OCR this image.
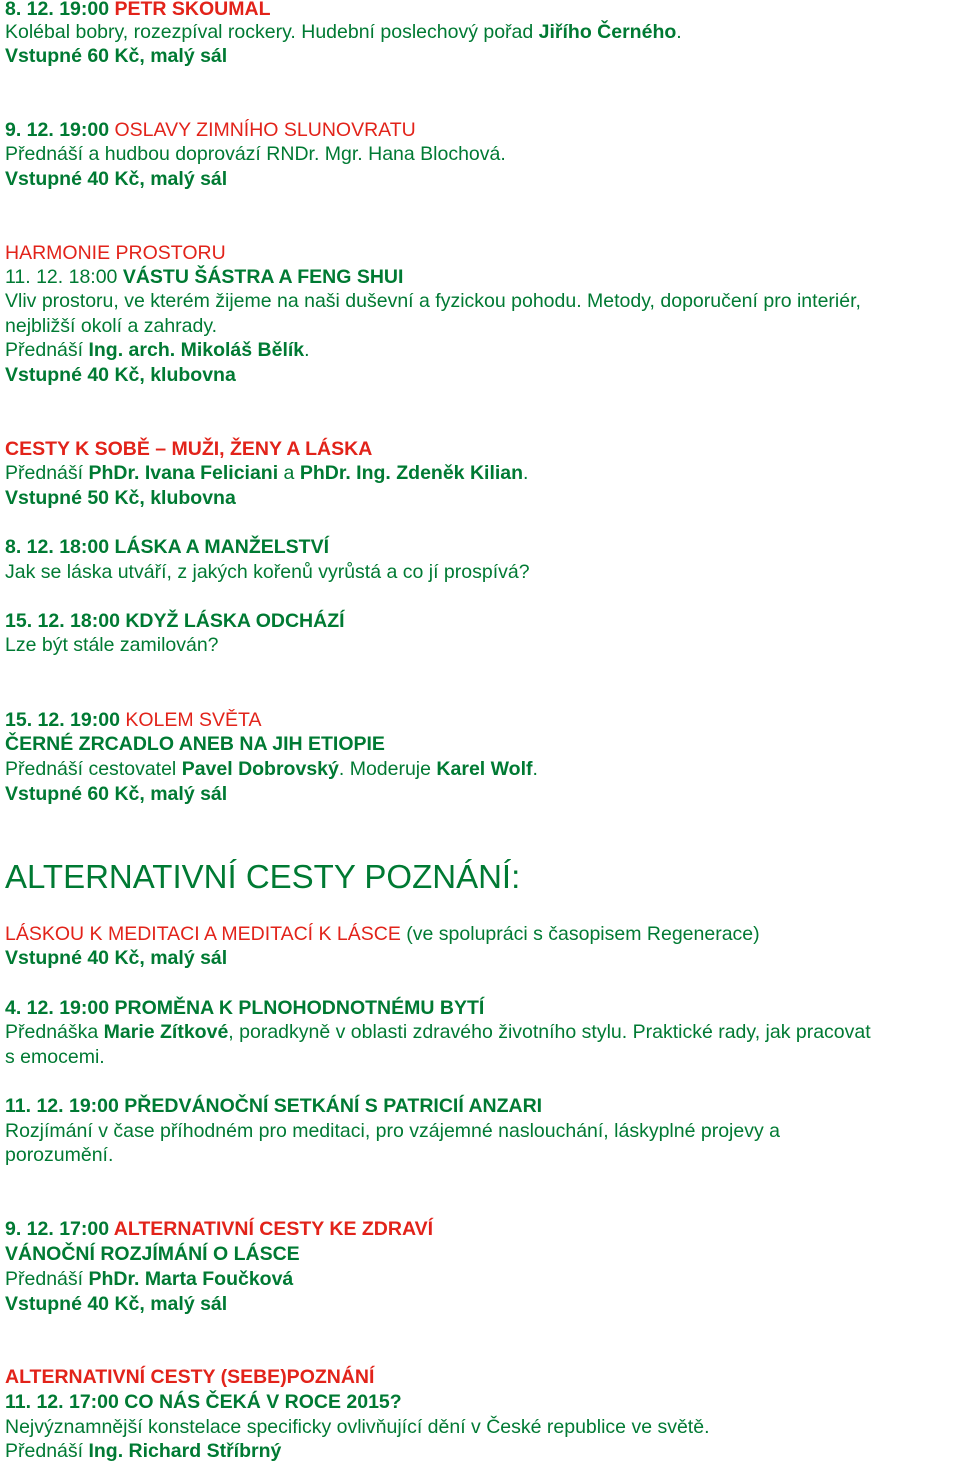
8. 12. 19:00 PETR SKOUMAL
Kolébal bobry, rozezpíval rockery. Hudební poslechový pořad Jiřího Černého.
Vstupné 60 Kč, malý sál
9. 12. 19:00 OSLAVY ZIMNÍHO SLUNOVRATU
Přednáší a hudbou doprovází RNDr. Mgr. Hana Blochová.
Vstupné 40 Kč, malý sál
HARMONIE PROSTORU
11. 12. 18:00 VÁSTU ŠÁSTRA A FENG SHUI
Vliv prostoru, ve kterém žijeme na naši duševní a fyzickou pohodu. Metody, doporučení pro interiér,
nejbližší okolí a zahrady.
Přednáší Ing. arch. Mikoláš Bělík.
Vstupné 40 Kč, klubovna
CESTY K SOBĚ – MUŽI, ŽENY A LÁSKA
Přednáší PhDr. Ivana Feliciani a PhDr. Ing. Zdeněk Kilian.
Vstupné 50 Kč, klubovna
8. 12. 18:00 LÁSKA A MANŽELSTVÍ
Jak se láska utváří, z jakých kořenů vyrůstá a co jí prospívá?
15. 12. 18:00 KDYŽ LÁSKA ODCHÁZÍ
Lze být stále zamilován?
15. 12. 19:00 KOLEM SVĚTA
ČERNÉ ZRCADLO ANEB NA JIH ETIOPIE
Přednáší cestovatel Pavel Dobrovský. Moderuje Karel Wolf.
Vstupné 60 Kč, malý sál
ALTERNATIVNÍ CESTY POZNÁNÍ:
LÁSKOU K MEDITACI A MEDITACÍ K LÁSCE (ve spolupráci s časopisem Regenerace)
Vstupné 40 Kč, malý sál
4. 12. 19:00 PROMĚNA K PLNOHODNOTNÉMU BYTÍ
Přednáška Marie Zítkové, poradkyně v oblasti zdravého životního stylu. Praktické rady, jak pracovat
s emocemi.
11. 12. 19:00 PŘEDVÁNOČNÍ SETKÁNÍ S PATRICIÍ ANZARI
Rozjímání v čase příhodném pro meditaci, pro vzájemné naslouchání, láskyplné projevy a
porozumění.
9. 12. 17:00 ALTERNATIVNÍ CESTY KE ZDRAVÍ
VÁNOČNÍ ROZJÍMÁNÍ O LÁSCE
Přednáší PhDr. Marta Foučková
Vstupné 40 Kč, malý sál
ALTERNATIVNÍ CESTY (SEBE)POZNÁNÍ
11. 12. 17:00 CO NÁS ČEKÁ V ROCE 2015?
Nejvýznamnější konstelace specificky ovlivňující dění v České republice ve světě.
Přednáší Ing. Richard Stříbrný
